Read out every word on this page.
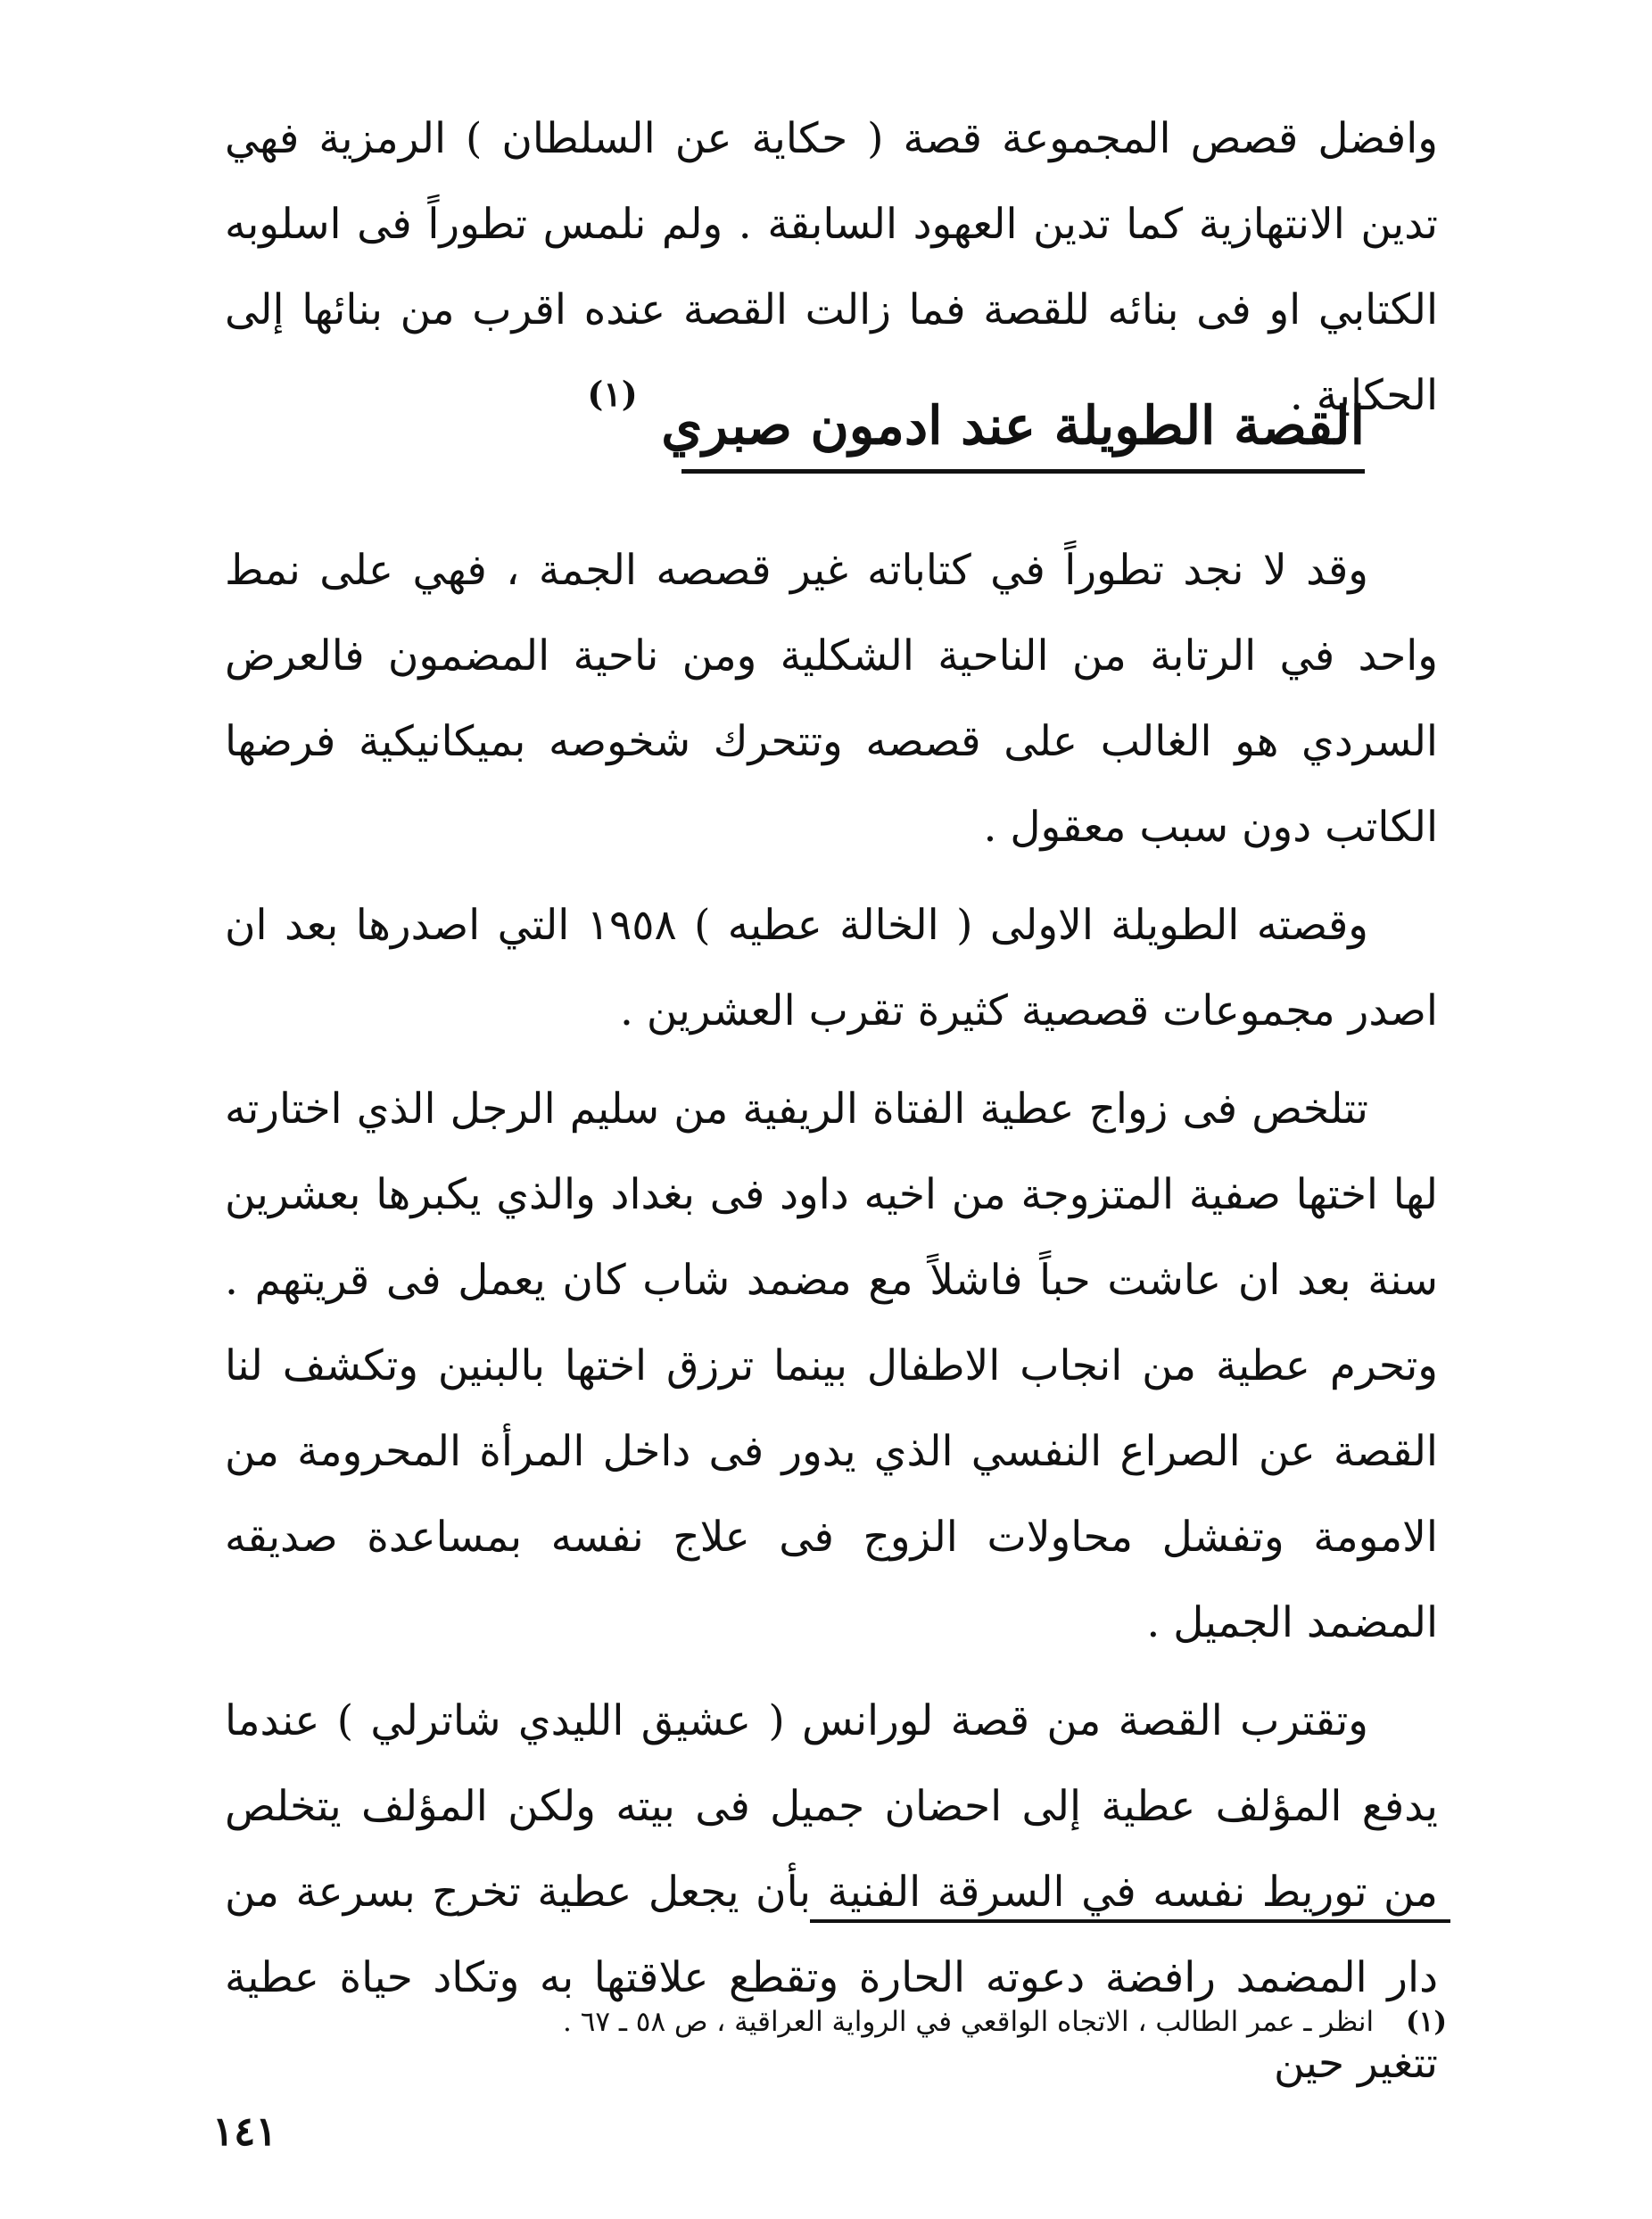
وافضل قصص المجموعة قصة ( حكاية عن السلطان ) الرمزية فهي تدين الانتهازية كما تدين العهود السابقة . ولم نلمس تطوراً فى اسلوبه الكتابي او فى بنائه للقصة فما زالت القصة عنده اقرب من بنائها إلى الحكاية .

القصة الطويلة عند ادمون صبري $^{(١)}$

وقد لا نجد تطوراً في كتاباته غير قصصه الجمة ، فهي على نمط واحد في الرتابة من الناحية الشكلية ومن ناحية المضمون فالعرض السردي هو الغالب على قصصه وتتحرك شخوصه بميكانيكية فرضها الكاتب دون سبب معقول .

وقصته الطويلة الاولى ( الخالة عطيه ) ١٩٥٨ التي اصدرها بعد ان اصدر مجموعات قصصية كثيرة تقرب العشرين .

تتلخص فى زواج عطية الفتاة الريفية من سليم الرجل الذي اختارته لها اختها صفية المتزوجة من اخيه داود فى بغداد والذي يكبرها بعشرين سنة بعد ان عاشت حباً فاشلاً مع مضمد شاب كان يعمل فى قريتهم . وتحرم عطية من انجاب الاطفال بينما ترزق اختها بالبنين وتكشف لنا القصة عن الصراع النفسي الذي يدور فى داخل المرأة المحرومة من الامومة وتفشل محاولات الزوج فى علاج نفسه بمساعدة صديقه المضمد الجميل .

وتقترب القصة من قصة لورانس ( عشيق الليدي شاترلي ) عندما يدفع المؤلف عطية إلى احضان جميل فى بيته ولكن المؤلف يتخلص من توريط نفسه في السرقة الفنية بأن يجعل عطية تخرج بسرعة من دار المضمد رافضة دعوته الحارة وتقطع علاقتها به وتكاد حياة عطية تتغير حين

(١) انظر ـ عمر الطالب ، الاتجاه الواقعي في الرواية العراقية ، ص ٥٨ ـ ٦٧ .

١٤١
